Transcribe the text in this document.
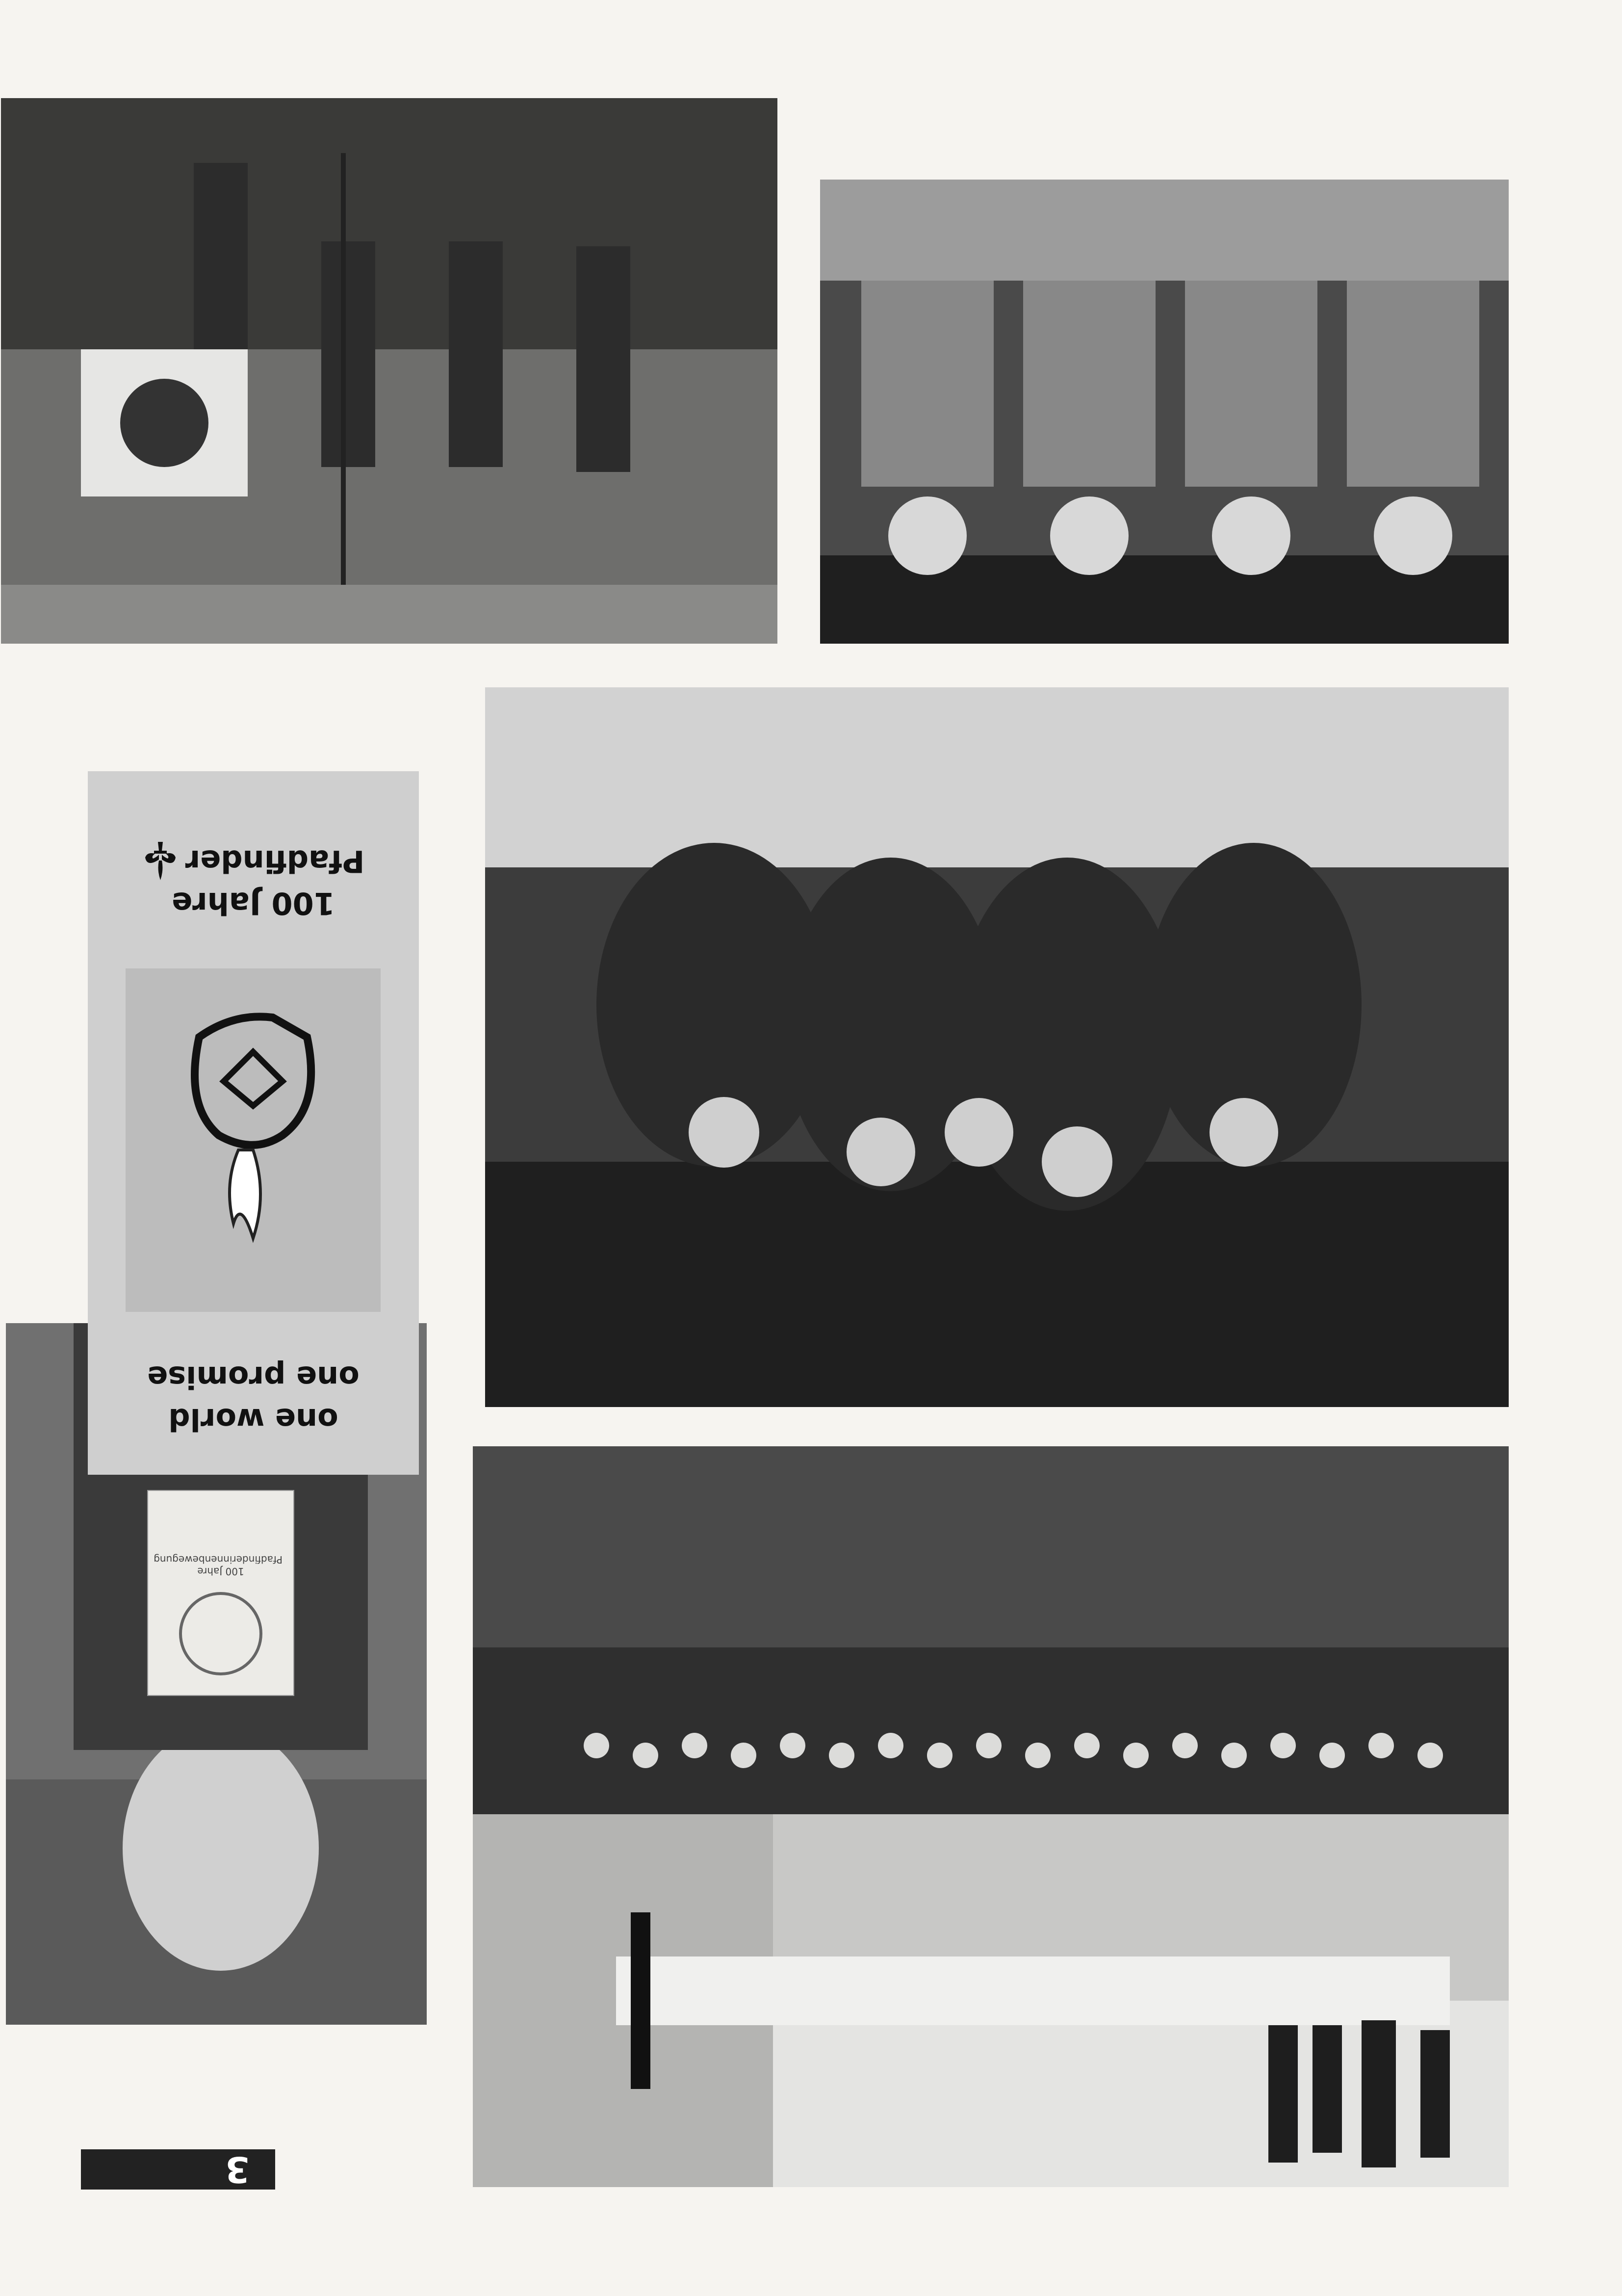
100 Jahre
Pfadfinderinnenbewegung

one world

one promise

100 Jahre

Pfadfinder

3
